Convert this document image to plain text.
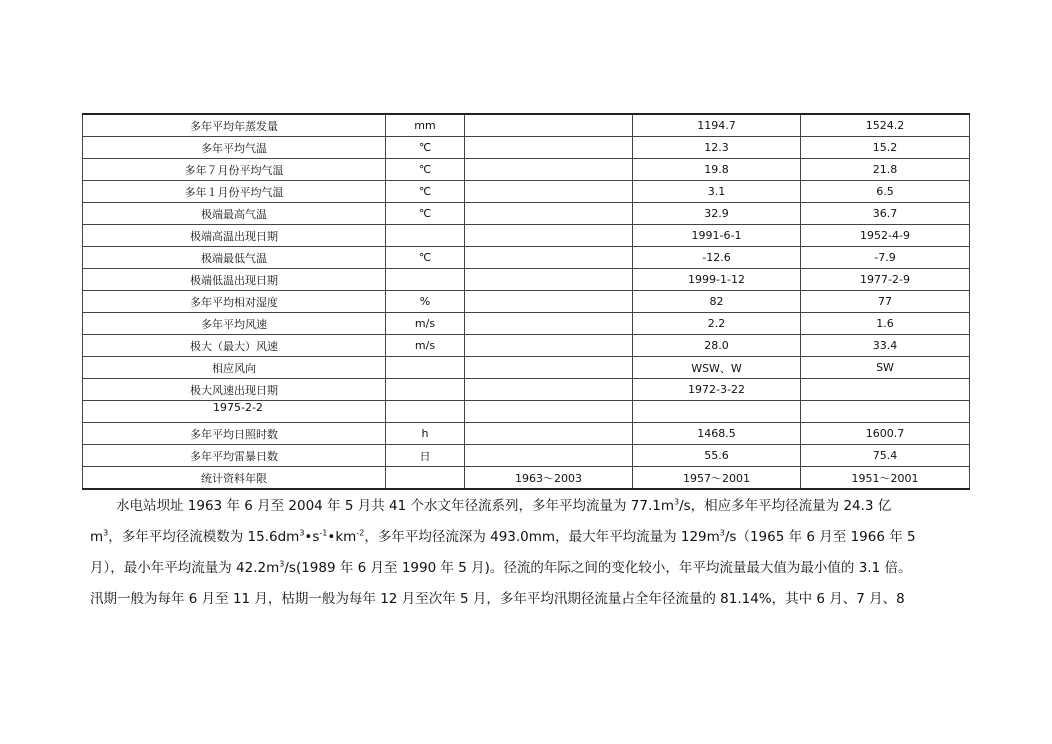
多年平均年蒸发量	mm		1194.7	1524.2
多年平均气温	℃		12.3	15.2
多年７月份平均气温	℃		19.8	21.8
多年１月份平均气温	℃		3.1	6.5
极端最高气温	℃		32.9	36.7
极端高温出现日期			1991-6-1	1952-4-9
极端最低气温	℃		-12.6	-7.9
极端低温出现日期			1999-1-12	1977-2-9
多年平均相对湿度	%		82	77
多年平均风速	m/s		2.2	1.6
极大（最大）风速	m/s		28.0	33.4
相应风向			WSW、W	SW
极大风速出现日期			1972-3-22	
1975-2-2				
多年平均日照时数	h		1468.5	1600.7
多年平均雷暴日数	日		55.6	75.4
统计资料年限		1963～2003	1957～2001	1951～2001

水电站坝址 1963 年 6 月至 2004 年 5 月共 41 个水文年径流系列，多年平均流量为 $77.1m^3/s$，相应多年平均径流量为 24.3 亿

$m^3$，多年平均径流模数为 $15.6dm^3•s^{-1}•km^{-2}$，多年平均径流深为 493.0mm，最大年平均流量为 $129m^3/s(1965$ 年 6 月至 1966 年 5

月），最小年平均流量为 $42.2m^3/s(1989$ 年 6 月至 1990 年 5 月)。径流的年际之间的变化较小，年平均流量最大值为最小值的 3.1 倍。

汛期一般为每年 6 月至 11 月，枯期一般为每年 12 月至次年 5 月，多年平均汛期径流量占全年径流量的 81.14%，其中 6 月、7 月、8
